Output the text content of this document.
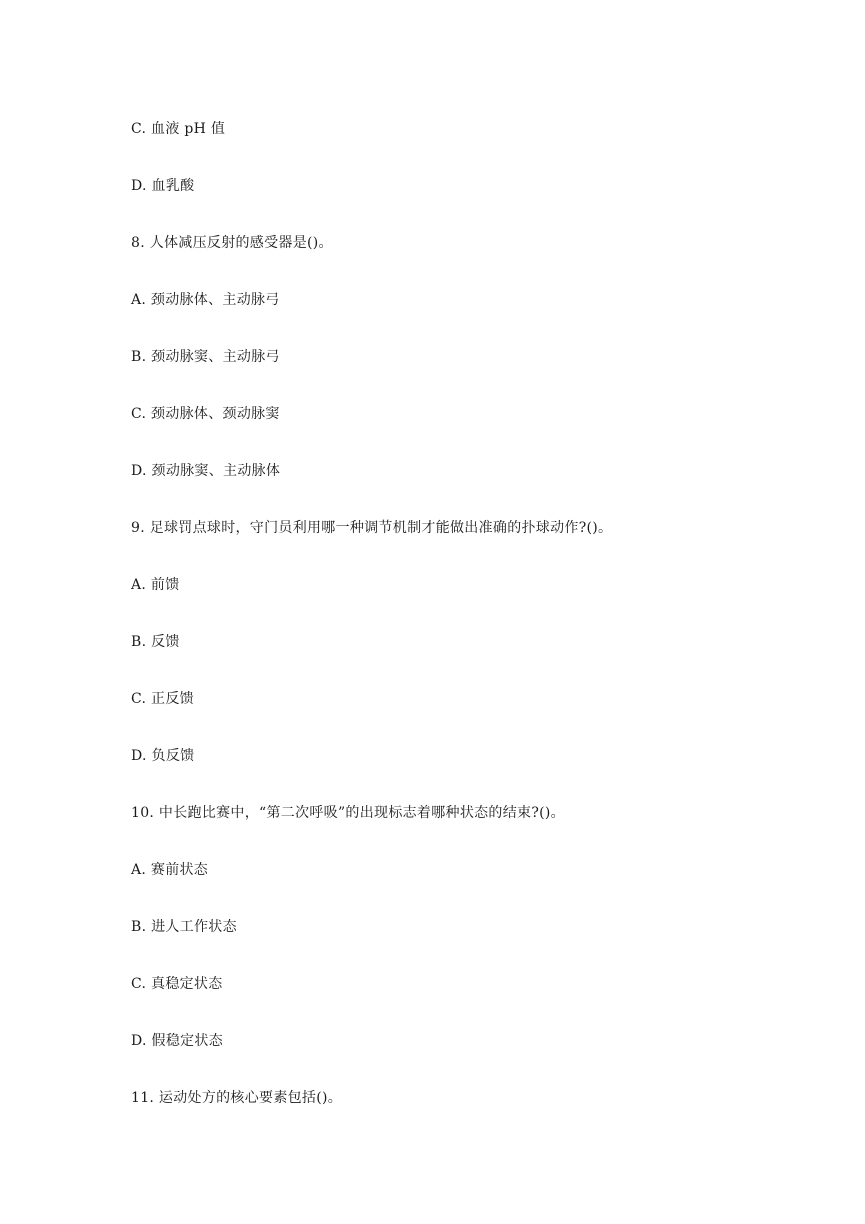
C. 血液 pH 值
D. 血乳酸
8. 人体减压反射的感受器是()。
A. 颈动脉体、主动脉弓
B. 颈动脉窦、主动脉弓
C. 颈动脉体、颈动脉窦
D. 颈动脉窦、主动脉体
9. 足球罚点球时，守门员利用哪一种调节机制才能做出准确的扑球动作?()。
A. 前馈
B. 反馈
C. 正反馈
D. 负反馈
10. 中长跑比赛中，“第二次呼吸”的出现标志着哪种状态的结束?()。
A. 赛前状态
B. 进人工作状态
C. 真稳定状态
D. 假稳定状态
11. 运动处方的核心要素包括()。
